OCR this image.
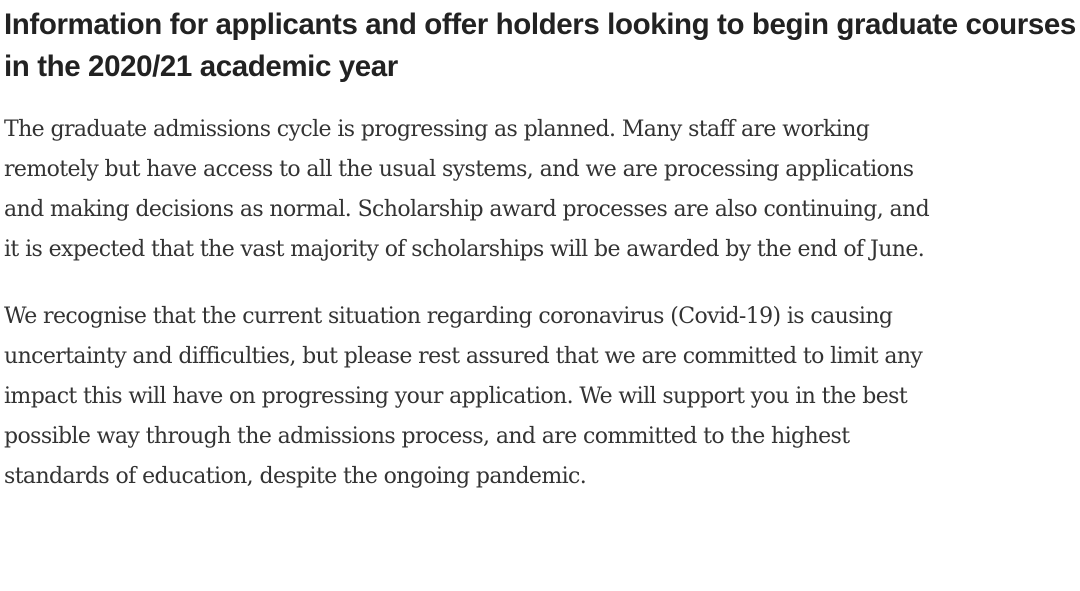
Information for applicants and offer holders looking to begin graduate courses in the 2020/21 academic year

The graduate admissions cycle is progressing as planned. Many staff are working remotely but have access to all the usual systems, and we are processing applications and making decisions as normal. Scholarship award processes are also continuing, and it is expected that the vast majority of scholarships will be awarded by the end of June.

We recognise that the current situation regarding coronavirus (Covid-19) is causing uncertainty and difficulties, but please rest assured that we are committed to limit any impact this will have on progressing your application. We will support you in the best possible way through the admissions process, and are committed to the highest standards of education, despite the ongoing pandemic.
